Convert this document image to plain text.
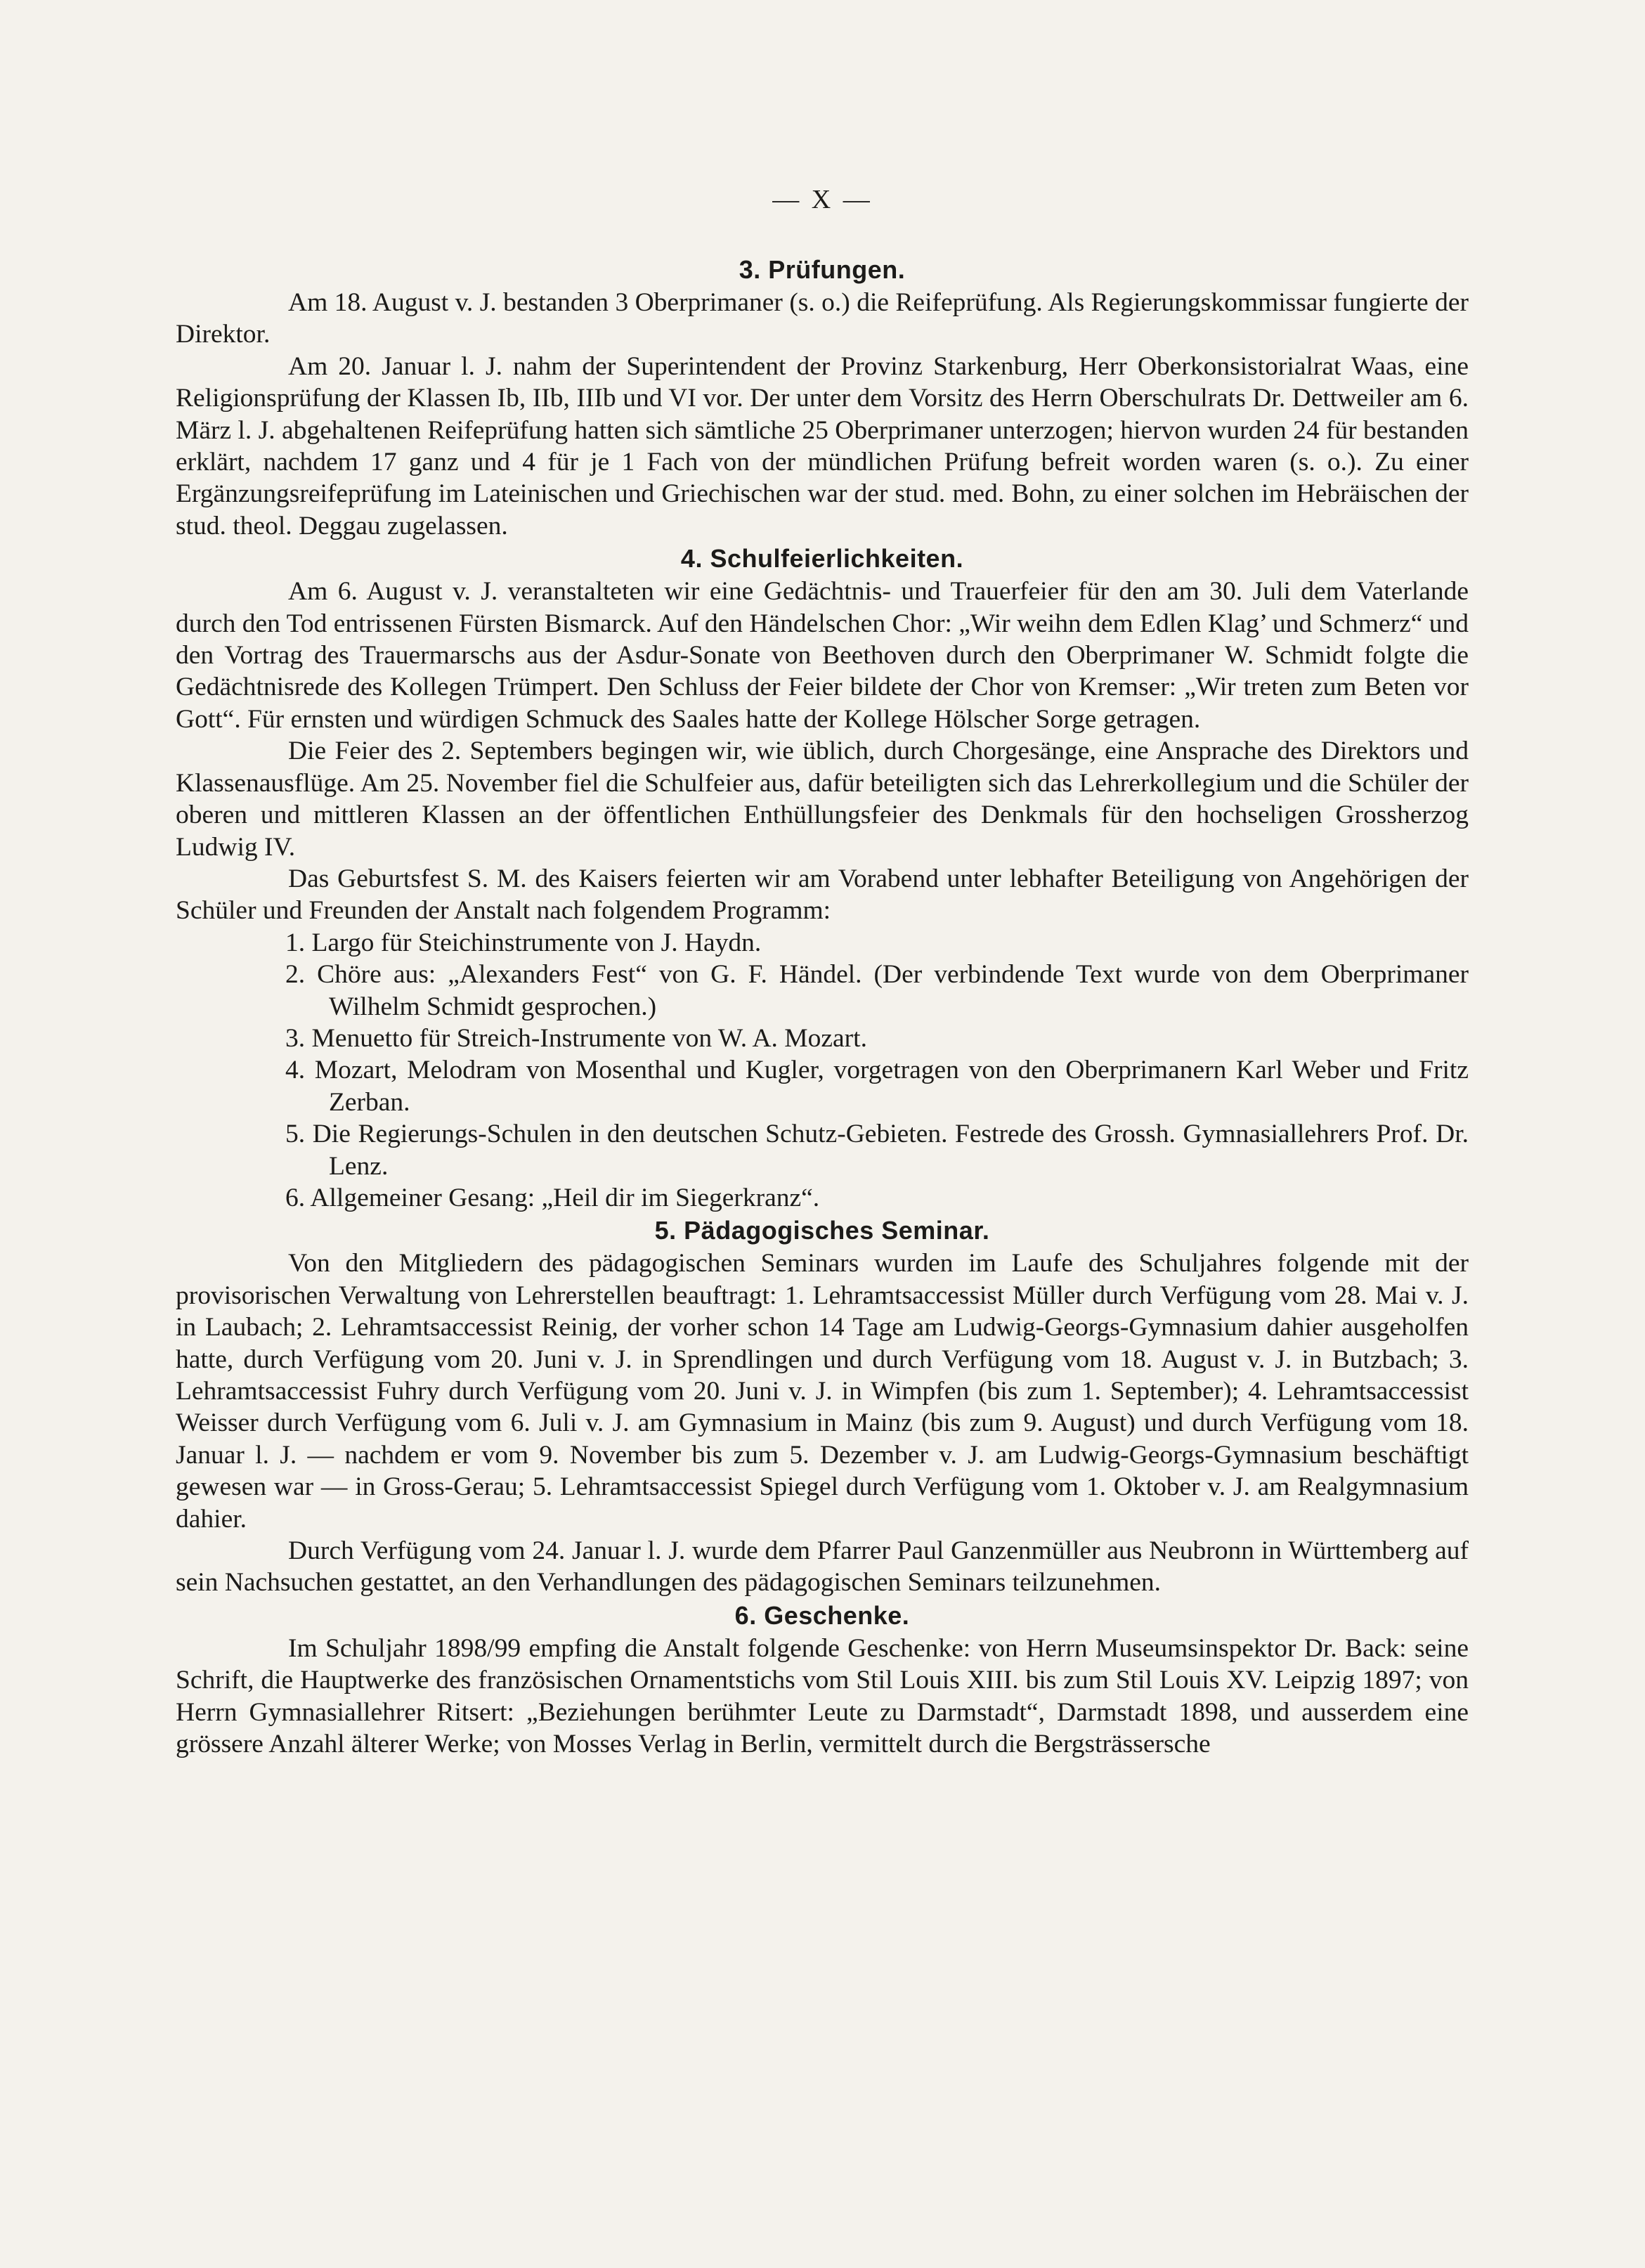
— X —
3. Prüfungen.

Am 18. August v. J. bestanden 3 Oberprimaner (s. o.) die Reifeprüfung. Als Regierungskommissar fungierte der Direktor.

Am 20. Januar l. J. nahm der Superintendent der Provinz Starkenburg, Herr Oberkonsistorialrat Waas, eine Religionsprüfung der Klassen Ib, IIb, IIIb und VI vor. Der unter dem Vorsitz des Herrn Oberschulrats Dr. Dettweiler am 6. März l. J. abgehaltenen Reifeprüfung hatten sich sämtliche 25 Oberprimaner unterzogen; hiervon wurden 24 für bestanden erklärt, nachdem 17 ganz und 4 für je 1 Fach von der mündlichen Prüfung befreit worden waren (s. o.). Zu einer Ergänzungsreifeprüfung im Lateinischen und Griechischen war der stud. med. Bohn, zu einer solchen im Hebräischen der stud. theol. Deggau zugelassen.

4. Schulfeierlichkeiten.

Am 6. August v. J. veranstalteten wir eine Gedächtnis- und Trauerfeier für den am 30. Juli dem Vaterlande durch den Tod entrissenen Fürsten Bismarck. Auf den Händelschen Chor: „Wir weihn dem Edlen Klag’ und Schmerz“ und den Vortrag des Trauermarschs aus der Asdur-Sonate von Beethoven durch den Oberprimaner W. Schmidt folgte die Gedächtnisrede des Kollegen Trümpert. Den Schluss der Feier bildete der Chor von Kremser: „Wir treten zum Beten vor Gott“. Für ernsten und würdigen Schmuck des Saales hatte der Kollege Hölscher Sorge getragen.

Die Feier des 2. Septembers begingen wir, wie üblich, durch Chorgesänge, eine Ansprache des Direktors und Klassenausflüge. Am 25. November fiel die Schulfeier aus, dafür beteiligten sich das Lehrerkollegium und die Schüler der oberen und mittleren Klassen an der öffentlichen Enthüllungsfeier des Denkmals für den hochseligen Grossherzog Ludwig IV.

Das Geburtsfest S. M. des Kaisers feierten wir am Vorabend unter lebhafter Beteiligung von Angehörigen der Schüler und Freunden der Anstalt nach folgendem Programm:

1. Largo für Steichinstrumente von J. Haydn.
2. Chöre aus: „Alexanders Fest“ von G. F. Händel. (Der verbindende Text wurde von dem Oberprimaner Wilhelm Schmidt gesprochen.)
3. Menuetto für Streich-Instrumente von W. A. Mozart.
4. Mozart, Melodram von Mosenthal und Kugler, vorgetragen von den Oberprimanern Karl Weber und Fritz Zerban.
5. Die Regierungs-Schulen in den deutschen Schutz-Gebieten. Festrede des Grossh. Gymnasiallehrers Prof. Dr. Lenz.
6. Allgemeiner Gesang: „Heil dir im Siegerkranz“.
5. Pädagogisches Seminar.

Von den Mitgliedern des pädagogischen Seminars wurden im Laufe des Schuljahres folgende mit der provisorischen Verwaltung von Lehrerstellen beauftragt: 1. Lehramtsaccessist Müller durch Verfügung vom 28. Mai v. J. in Laubach; 2. Lehramtsaccessist Reinig, der vorher schon 14 Tage am Ludwig-Georgs-Gymnasium dahier ausgeholfen hatte, durch Verfügung vom 20. Juni v. J. in Sprendlingen und durch Verfügung vom 18. August v. J. in Butzbach; 3. Lehramtsaccessist Fuhry durch Verfügung vom 20. Juni v. J. in Wimpfen (bis zum 1. September); 4. Lehramtsaccessist Weisser durch Verfügung vom 6. Juli v. J. am Gymnasium in Mainz (bis zum 9. August) und durch Verfügung vom 18. Januar l. J. — nachdem er vom 9. November bis zum 5. Dezember v. J. am Ludwig-Georgs-Gymnasium beschäftigt gewesen war — in Gross-Gerau; 5. Lehramtsaccessist Spiegel durch Verfügung vom 1. Oktober v. J. am Realgymnasium dahier.

Durch Verfügung vom 24. Januar l. J. wurde dem Pfarrer Paul Ganzenmüller aus Neubronn in Württemberg auf sein Nachsuchen gestattet, an den Verhandlungen des pädagogischen Seminars teilzunehmen.

6. Geschenke.

Im Schuljahr 1898/99 empfing die Anstalt folgende Geschenke: von Herrn Museumsinspektor Dr. Back: seine Schrift, die Hauptwerke des französischen Ornamentstichs vom Stil Louis XIII. bis zum Stil Louis XV. Leipzig 1897; von Herrn Gymnasiallehrer Ritsert: „Beziehungen berühmter Leute zu Darmstadt“, Darmstadt 1898, und ausserdem eine grössere Anzahl älterer Werke; von Mosses Verlag in Berlin, vermittelt durch die Bergsträssersche
